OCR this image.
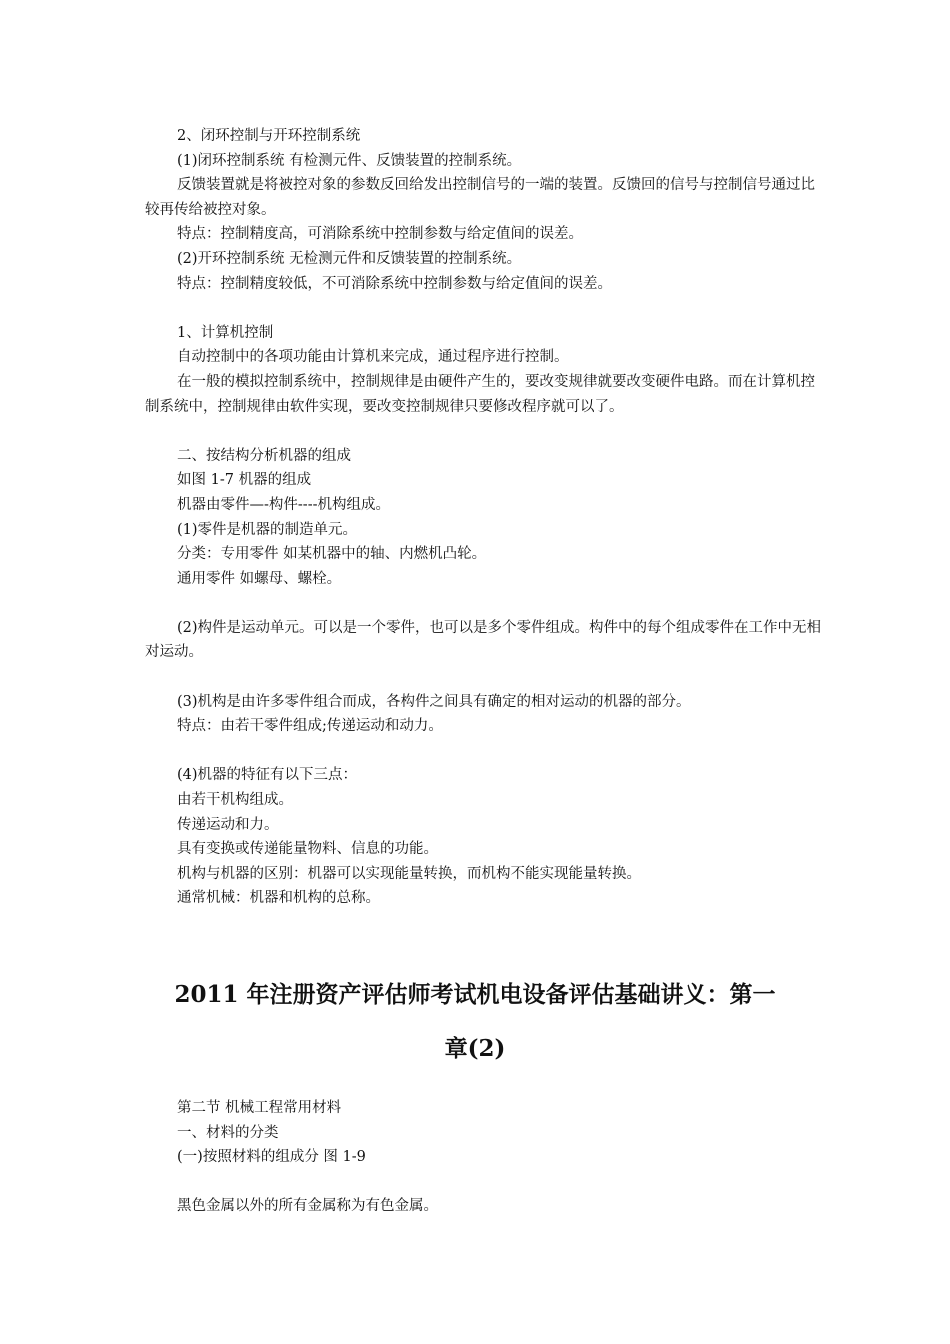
2、闭环控制与开环控制系统

(1)闭环控制系统 有检测元件、反馈装置的控制系统。

反馈装置就是将被控对象的参数反回给发出控制信号的一端的装置。反馈回的信号与控制信号通过比较再传给被控对象。

特点：控制精度高，可消除系统中控制参数与给定值间的误差。

(2)开环控制系统 无检测元件和反馈装置的控制系统。

特点：控制精度较低，不可消除系统中控制参数与给定值间的误差。

1、计算机控制

自动控制中的各项功能由计算机来完成，通过程序进行控制。

在一般的模拟控制系统中，控制规律是由硬件产生的，要改变规律就要改变硬件电路。而在计算机控制系统中，控制规律由软件实现，要改变控制规律只要修改程序就可以了。

二、按结构分析机器的组成

如图 1-7 机器的组成

机器由零件—-构件----机构组成。

(1)零件是机器的制造单元。

分类：专用零件 如某机器中的轴、内燃机凸轮。

通用零件 如螺母、螺栓。

(2)构件是运动单元。可以是一个零件，也可以是多个零件组成。构件中的每个组成零件在工作中无相对运动。

(3)机构是由许多零件组合而成，各构件之间具有确定的相对运动的机器的部分。

特点：由若干零件组成;传递运动和动力。

(4)机器的特征有以下三点：

由若干机构组成。

传递运动和力。

具有变换或传递能量物料、信息的功能。

机构与机器的区别：机器可以实现能量转换，而机构不能实现能量转换。

通常机械：机器和机构的总称。

2011 年注册资产评估师考试机电设备评估基础讲义：第一
章(2)

第二节 机械工程常用材料

一、材料的分类

(一)按照材料的组成分 图 1-9

黑色金属以外的所有金属称为有色金属。
